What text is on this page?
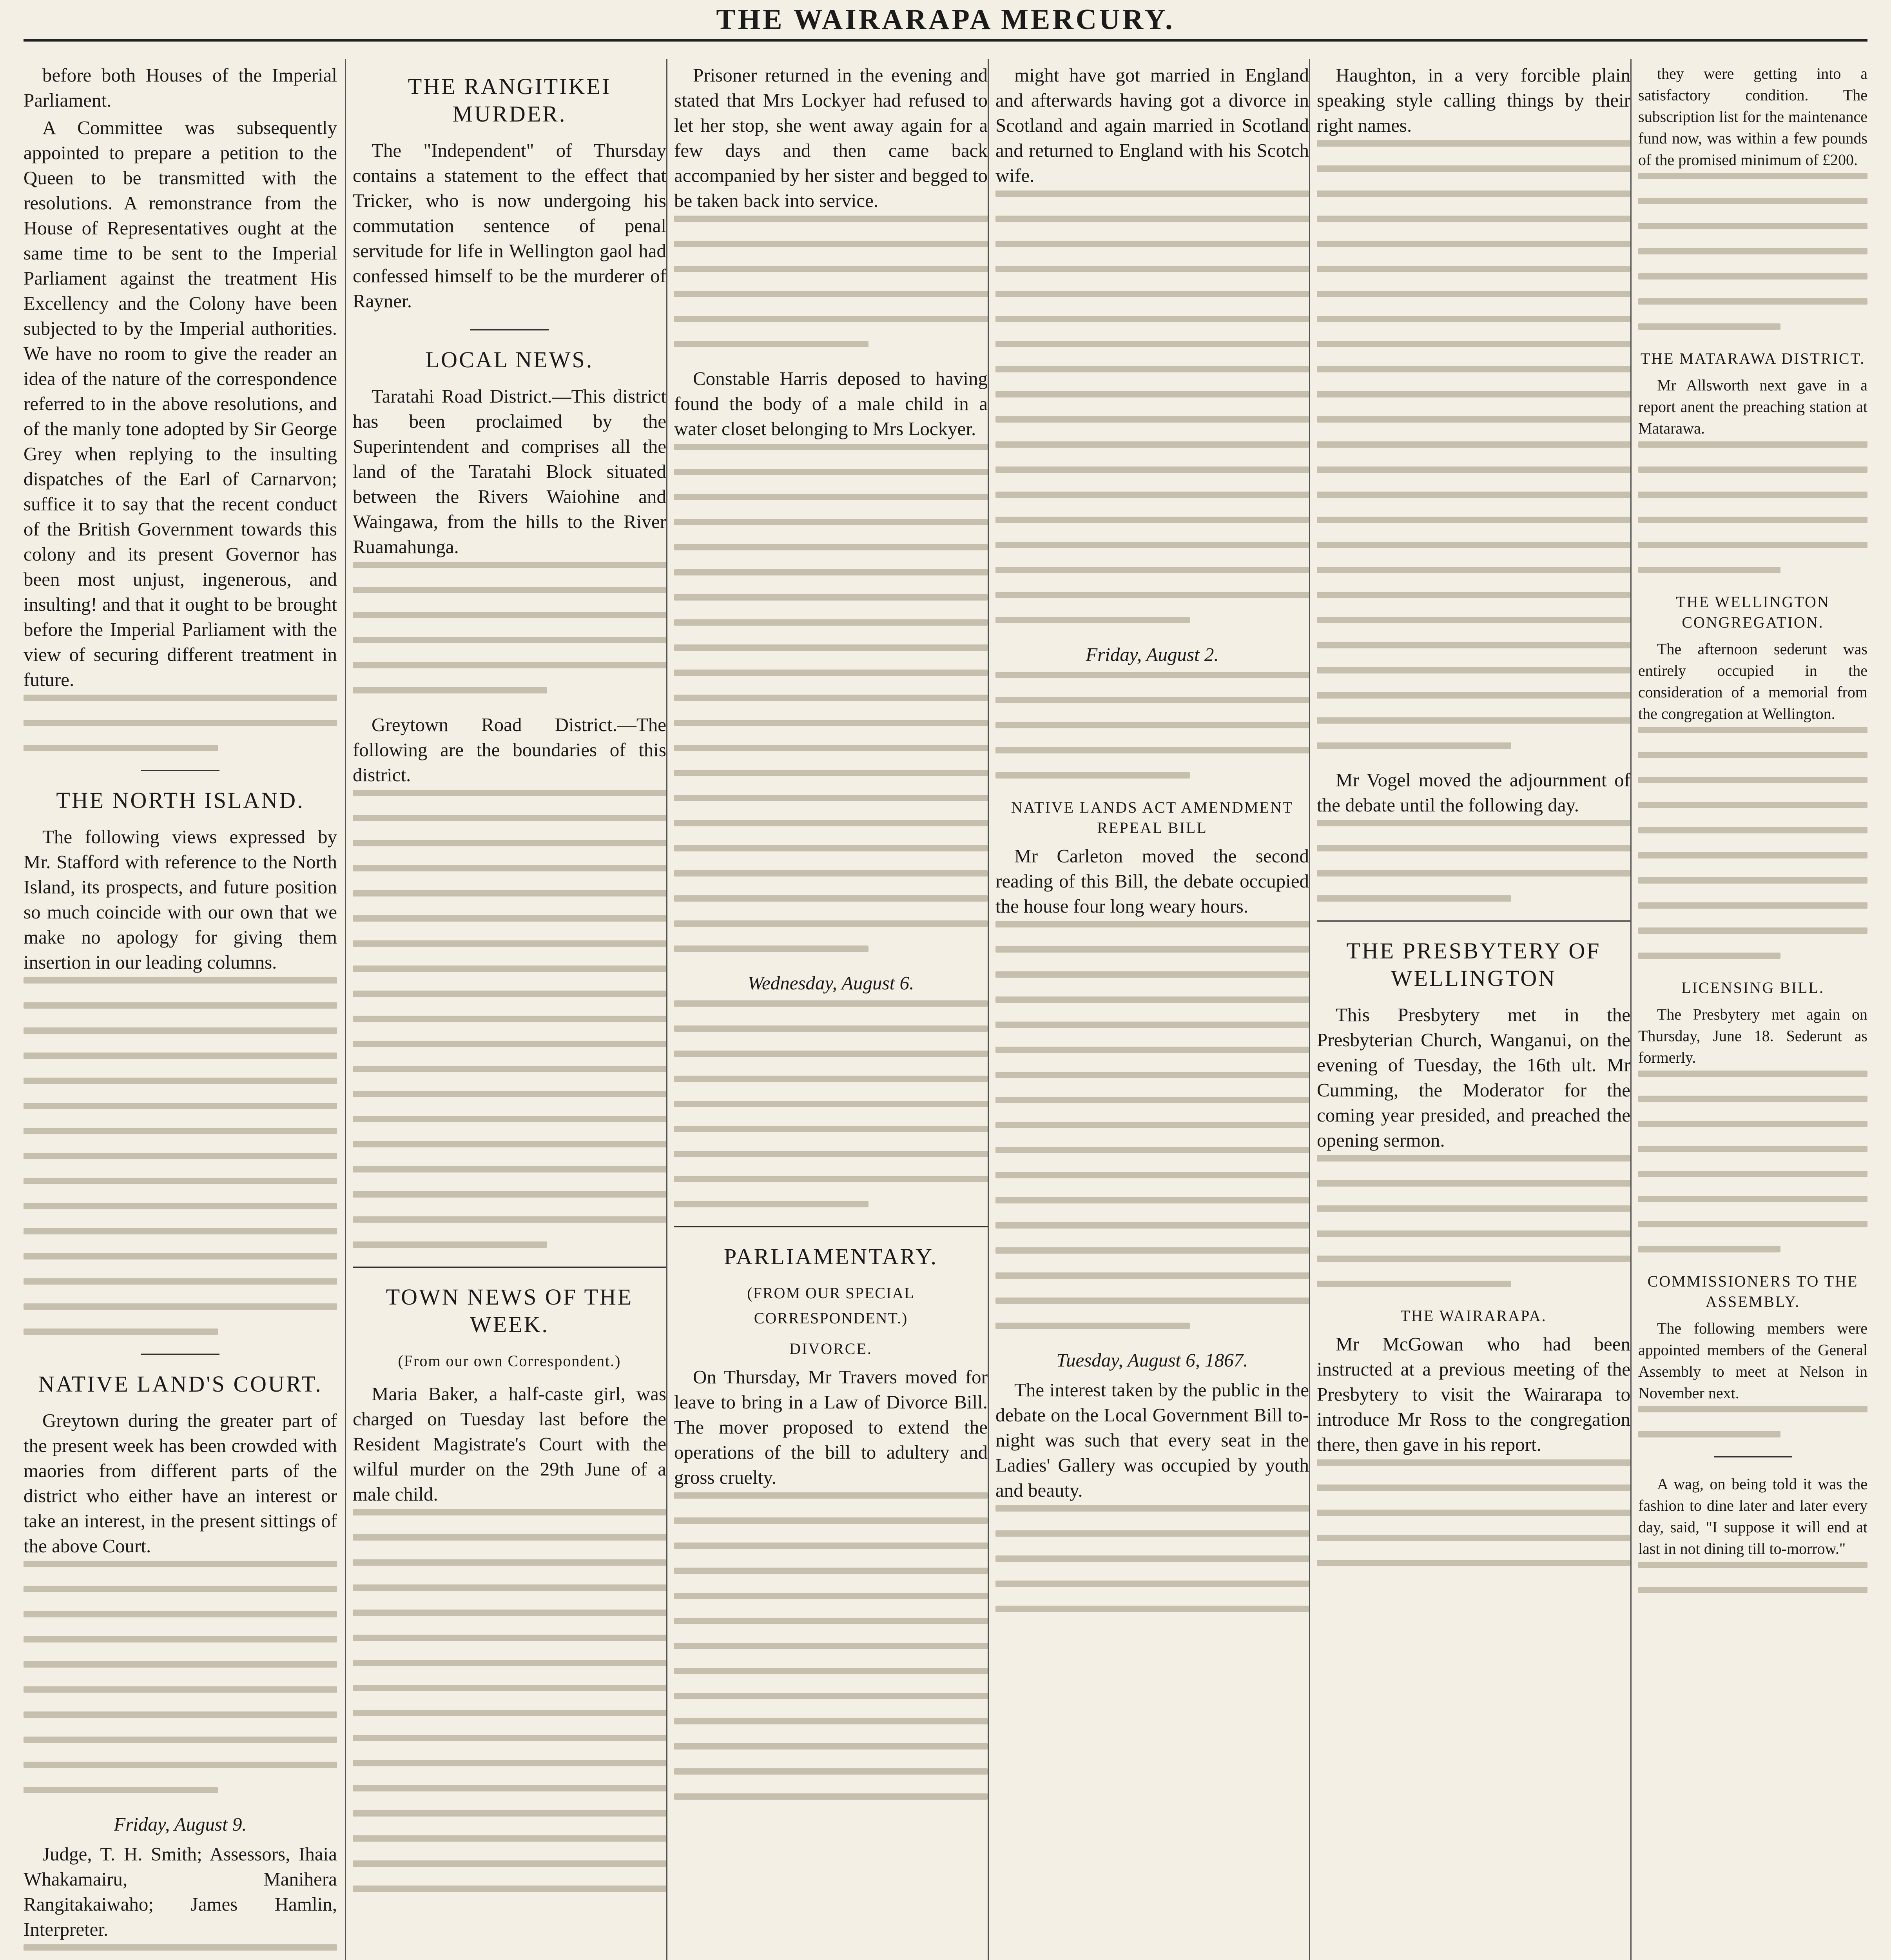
THE WAIRARAPA MERCURY.

before both Houses of the Imperial Parliament.

A Committee was subsequently appointed to prepare a petition to the Queen to be transmitted with the resolutions. A remonstrance from the House of Representatives ought at the same time to be sent to the Imperial Parliament against the treatment His Excellency and the Colony have been subjected to by the Imperial authorities. We have no room to give the reader an idea of the nature of the correspondence referred to in the above resolutions, and of the manly tone adopted by Sir George Grey when replying to the insulting dispatches of the Earl of Carnarvon; suffice it to say that the recent conduct of the British Government towards this colony and its present Governor has been most unjust, ingenerous, and insulting! and that it ought to be brought before the Imperial Parliament with the view of securing different treatment in future.

THE NORTH ISLAND.

The following views expressed by Mr. Stafford with reference to the North Island, its prospects, and future position so much coincide with our own that we make no apology for giving them insertion in our leading columns.

NATIVE LAND'S COURT.

Greytown during the greater part of the present week has been crowded with maories from different parts of the district who either have an interest or take an interest, in the present sittings of the above Court.

Friday, August 9.

Judge, T. H. Smith; Assessors, Ihaia Whakamairu, Manihera Rangitakaiwaho; James Hamlin, Interpreter.

THE RANGITIKEI MURDER.

The "Independent" of Thursday contains a statement to the effect that Tricker, who is now undergoing his commutation sentence of penal servitude for life in Wellington gaol had confessed himself to be the murderer of Rayner.

LOCAL NEWS.

Taratahi Road District.—This district has been proclaimed by the Superintendent and comprises all the land of the Taratahi Block situated between the Rivers Waiohine and Waingawa, from the hills to the River Ruamahunga.

Greytown Road District.—The following are the boundaries of this district.

TOWN NEWS OF THE WEEK.
(From our own Correspondent.)

Maria Baker, a half-caste girl, was charged on Tuesday last before the Resident Magistrate's Court with the wilful murder on the 29th June of a male child.

Prisoner returned in the evening and stated that Mrs Lockyer had refused to let her stop, she went away again for a few days and then came back accompanied by her sister and begged to be taken back into service.

Constable Harris deposed to having found the body of a male child in a water closet belonging to Mrs Lockyer.

Wednesday, August 6.

PARLIAMENTARY.
(FROM OUR SPECIAL CORRESPONDENT.)
DIVORCE.

On Thursday, Mr Travers moved for leave to bring in a Law of Divorce Bill. The mover proposed to extend the operations of the bill to adultery and gross cruelty.

might have got married in England and afterwards having got a divorce in Scotland and again married in Scotland and returned to England with his Scotch wife.

Friday, August 2.

NATIVE LANDS ACT AMENDMENT REPEAL BILL

Mr Carleton moved the second reading of this Bill, the debate occupied the house four long weary hours.

Tuesday, August 6, 1867.

The interest taken by the public in the debate on the Local Government Bill to-night was such that every seat in the Ladies' Gallery was occupied by youth and beauty.

Haughton, in a very forcible plain speaking style calling things by their right names.

Mr Vogel moved the adjournment of the debate until the following day.

THE PRESBYTERY OF WELLINGTON

This Presbytery met in the Presbyterian Church, Wanganui, on the evening of Tuesday, the 16th ult. Mr Cumming, the Moderator for the coming year presided, and preached the opening sermon.

THE WAIRARAPA.

Mr McGowan who had been instructed at a previous meeting of the Presbytery to visit the Wairarapa to introduce Mr Ross to the congregation there, then gave in his report.

they were getting into a satisfactory condition. The subscription list for the maintenance fund now, was within a few pounds of the promised minimum of £200.

THE MATARAWA DISTRICT.

Mr Allsworth next gave in a report anent the preaching station at Matarawa.

THE WELLINGTON CONGREGATION.

The afternoon sederunt was entirely occupied in the consideration of a memorial from the congregation at Wellington.

LICENSING BILL.

The Presbytery met again on Thursday, June 18. Sederunt as formerly.

COMMISSIONERS TO THE ASSEMBLY.

The following members were appointed members of the General Assembly to meet at Nelson in November next.

A wag, on being told it was the fashion to dine later and later every day, said, "I suppose it will end at last in not dining till to-morrow."
